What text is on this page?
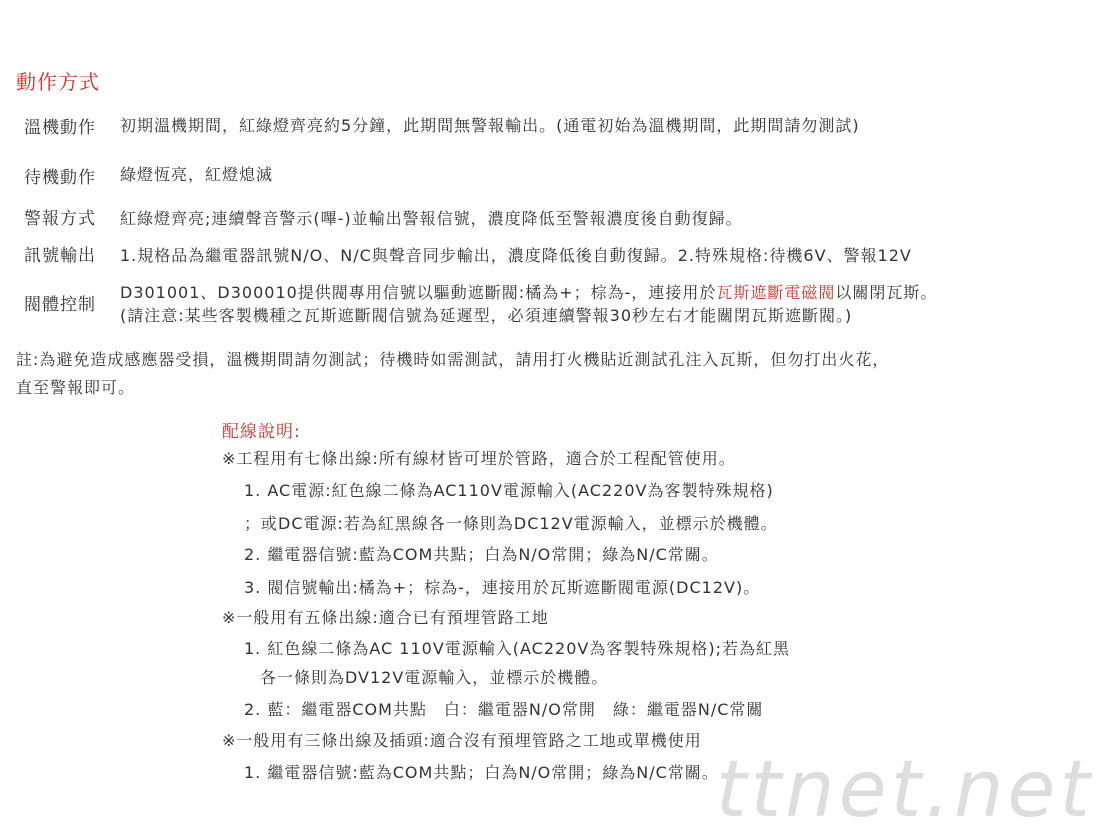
動作方式
溫機動作 初期溫機期間，紅綠燈齊亮約5分鐘，此期間無警報輸出。(通電初始為溫機期間，此期間請勿測試)
待機動作 綠燈恆亮，紅燈熄滅
警報方式 紅綠燈齊亮;連續聲音警示(嗶-)並輸出警報信號，濃度降低至警報濃度後自動復歸。
訊號輸出 1.規格品為繼電器訊號N/O、N/C與聲音同步輸出，濃度降低後自動復歸。2.特殊規格:待機6V、警報12V
閥體控制
D301001、D300010提供閥專用信號以驅動遮斷閥:橘為+；棕為-，連接用於瓦斯遮斷電磁閥以關閉瓦斯。
(請注意:某些客製機種之瓦斯遮斷閥信號為延遲型，必須連續警報30秒左右才能關閉瓦斯遮斷閥。)
註:為避免造成感應器受損，溫機期間請勿測試；待機時如需測試，請用打火機貼近測試孔注入瓦斯，但勿打出火花，
直至警報即可。
配線說明:
※工程用有七條出線:所有線材皆可埋於管路，適合於工程配管使用。
1. AC電源:紅色線二條為AC110V電源輸入(AC220V為客製特殊規格)
；或DC電源:若為紅黑線各一條則為DC12V電源輸入，並標示於機體。
2. 繼電器信號:藍為COM共點；白為N/O常開；綠為N/C常關。
3. 閥信號輸出:橘為+；棕為-，連接用於瓦斯遮斷閥電源(DC12V)。
※一般用有五條出線:適合已有預埋管路工地
1. 紅色線二條為AC 110V電源輸入(AC220V為客製特殊規格);若為紅黑
各一條則為DV12V電源輸入，並標示於機體。
2. 藍：繼電器COM共點　白：繼電器N/O常開　綠：繼電器N/C常關
※一般用有三條出線及插頭:適合沒有預埋管路之工地或單機使用
1. 繼電器信號:藍為COM共點；白為N/O常開；綠為N/C常關。
ttnet.net
